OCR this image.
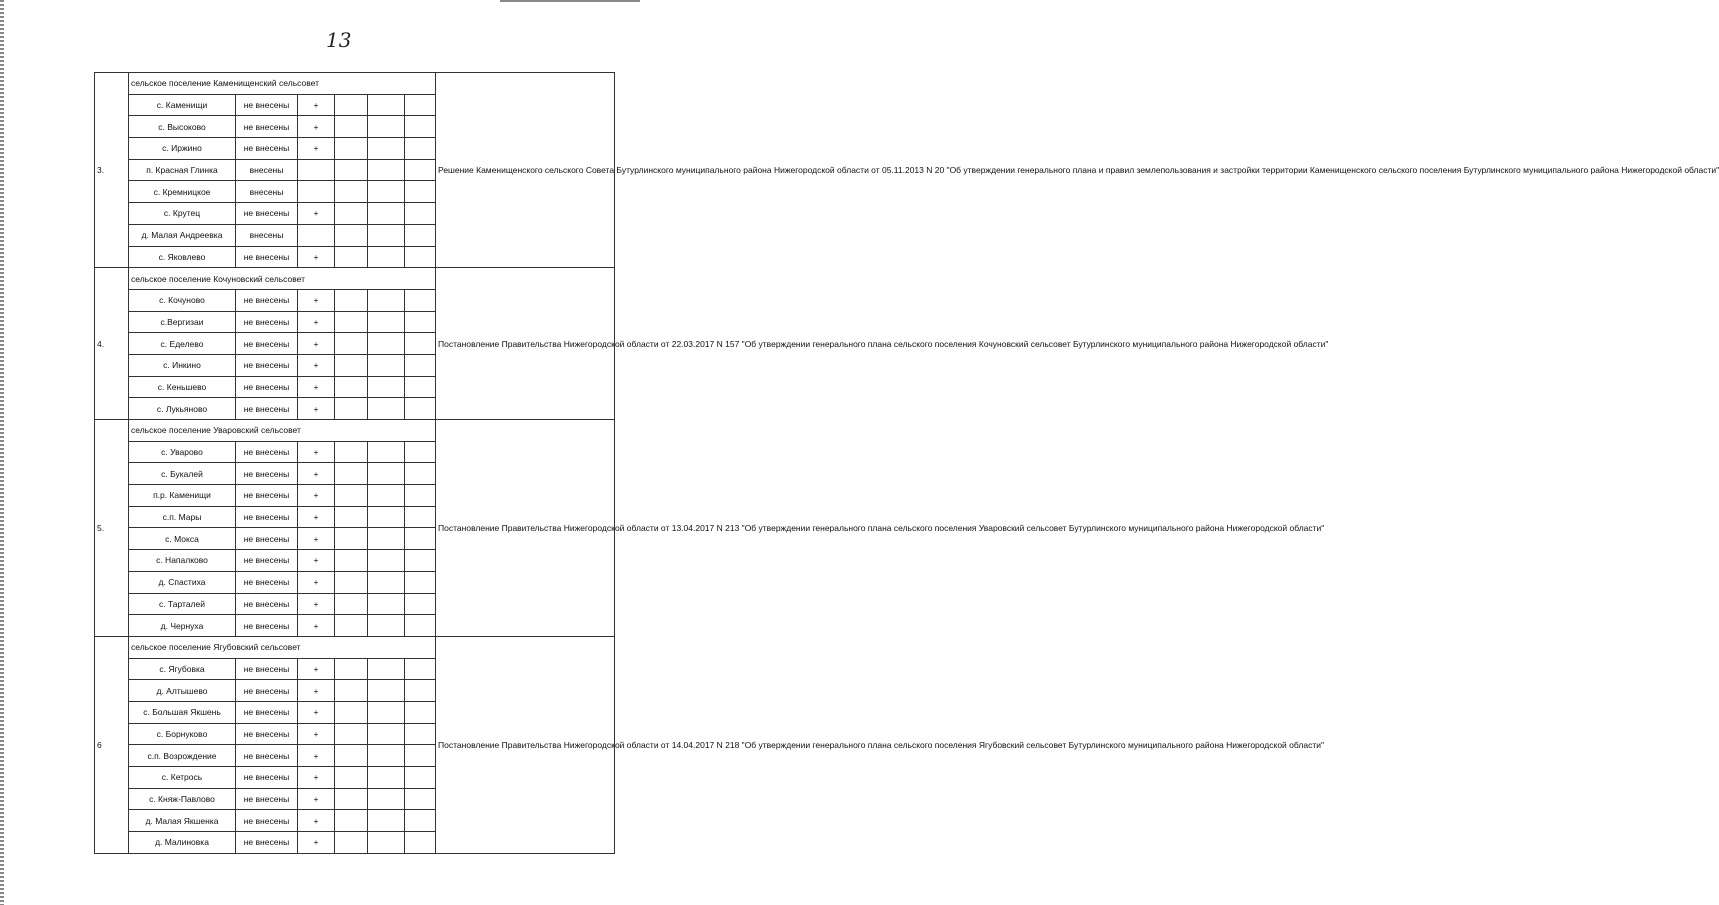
13
3.	сельское поселение Каменищенский сельсовет						Решение Каменищенского сельского Совета Бутурлинского муниципального района Нижегородской области от 05.11.2013 N 20 "Об утверждении генерального плана и правил землепользования и застройки территории Каменищенского сельского поселения Бутурлинского муниципального района Нижегородской области"
	с. Каменищи	не внесены	+				
	с. Высоково	не внесены	+				
	с. Иржино	не внесены	+				
	п. Красная Глинка	внесены					
	с. Кремницкое	внесены					
	с. Крутец	не внесены	+				
	д. Малая Андреевка	внесены					
	с. Яковлево	не внесены	+				
4.	сельское поселение Кочуновский сельсовет						Постановление Правительства Нижегородской области от 22.03.2017 N 157 "Об утверждении генерального плана сельского поселения Кочуновский сельсовет Бутурлинского муниципального района Нижегородской области"
	с. Кочуново	не внесены	+				
	с.Вергизаи	не внесены	+				
	с. Еделево	не внесены	+				
	с. Инкино	не внесены	+				
	с. Кеньшево	не внесены	+				
	с. Лукьяново	не внесены	+				
5.	сельское поселение Уваровский сельсовет						Постановление Правительства Нижегородской области от 13.04.2017 N 213 "Об утверждении генерального плана сельского поселения Уваровский сельсовет Бутурлинского муниципального района Нижегородской области"
	с. Уварово	не внесены	+				
	с. Букалей	не внесены	+				
	п.р. Каменищи	не внесены	+				
	с.п. Мары	не внесены	+				
	с. Мокса	не внесены	+				
	с. Напалково	не внесены	+				
	д. Спастиха	не внесены	+				
	с. Тарталей	не внесены	+				
	д. Чернуха	не внесены	+				
6	сельское поселение Ягубовский сельсовет						Постановление Правительства Нижегородской области от 14.04.2017 N 218 "Об утверждении генерального плана сельского поселения Ягубовский сельсовет Бутурлинского муниципального района Нижегородской области"
	с. Ягубовка	не внесены	+				
	д. Алтышево	не внесены	+				
	с. Большая Якшень	не внесены	+				
	с. Борнуково	не внесены	+				
	с.п. Возрождение	не внесены	+				
	с. Кетрось	не внесены	+				
	с. Княж-Павлово	не внесены	+				
	д. Малая Якшенка	не внесены	+				
	д. Малиновка	не внесены	+				
